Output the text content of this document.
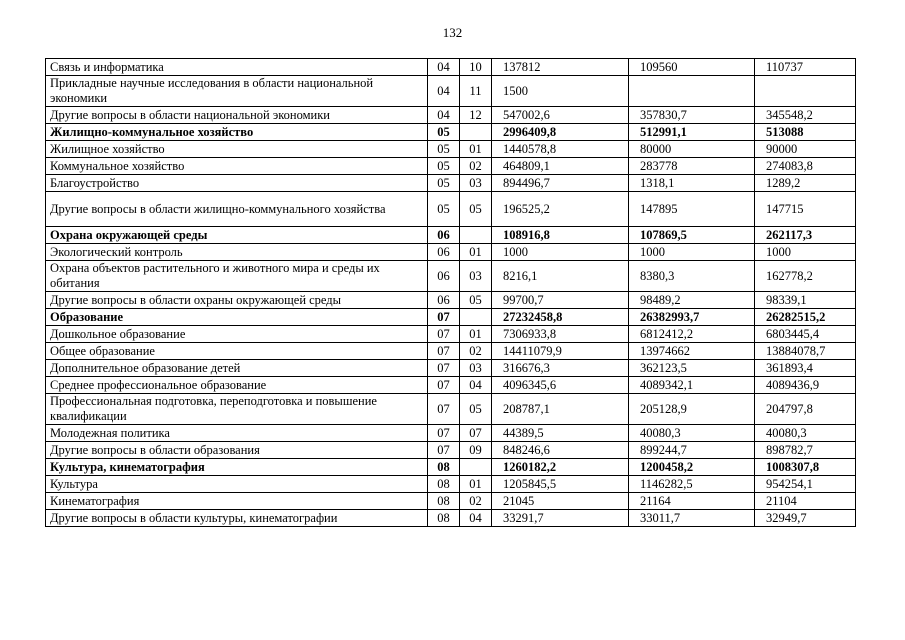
132
Связь и информатика	04	10	137812	109560	110737
Прикладные научные исследования в области национальной экономики	04	11	1500		
Другие вопросы в области национальной экономики	04	12	547002,6	357830,7	345548,2
Жилищно-коммунальное хозяйство	05		2996409,8	512991,1	513088
Жилищное хозяйство	05	01	1440578,8	80000	90000
Коммунальное хозяйство	05	02	464809,1	283778	274083,8
Благоустройство	05	03	894496,7	1318,1	1289,2
Другие вопросы в области жилищно-коммунального хозяйства	05	05	196525,2	147895	147715
Охрана окружающей среды	06		108916,8	107869,5	262117,3
Экологический контроль	06	01	1000	1000	1000
Охрана объектов растительного и животного мира и среды их обитания	06	03	8216,1	8380,3	162778,2
Другие вопросы в области охраны окружающей среды	06	05	99700,7	98489,2	98339,1
Образование	07		27232458,8	26382993,7	26282515,2
Дошкольное образование	07	01	7306933,8	6812412,2	6803445,4
Общее образование	07	02	14411079,9	13974662	13884078,7
Дополнительное образование детей	07	03	316676,3	362123,5	361893,4
Среднее профессиональное образование	07	04	4096345,6	4089342,1	4089436,9
Профессиональная подготовка, переподготовка и повышение квалификации	07	05	208787,1	205128,9	204797,8
Молодежная политика	07	07	44389,5	40080,3	40080,3
Другие вопросы в области образования	07	09	848246,6	899244,7	898782,7
Культура, кинематография	08		1260182,2	1200458,2	1008307,8
Культура	08	01	1205845,5	1146282,5	954254,1
Кинематография	08	02	21045	21164	21104
Другие вопросы в области культуры, кинематографии	08	04	33291,7	33011,7	32949,7
